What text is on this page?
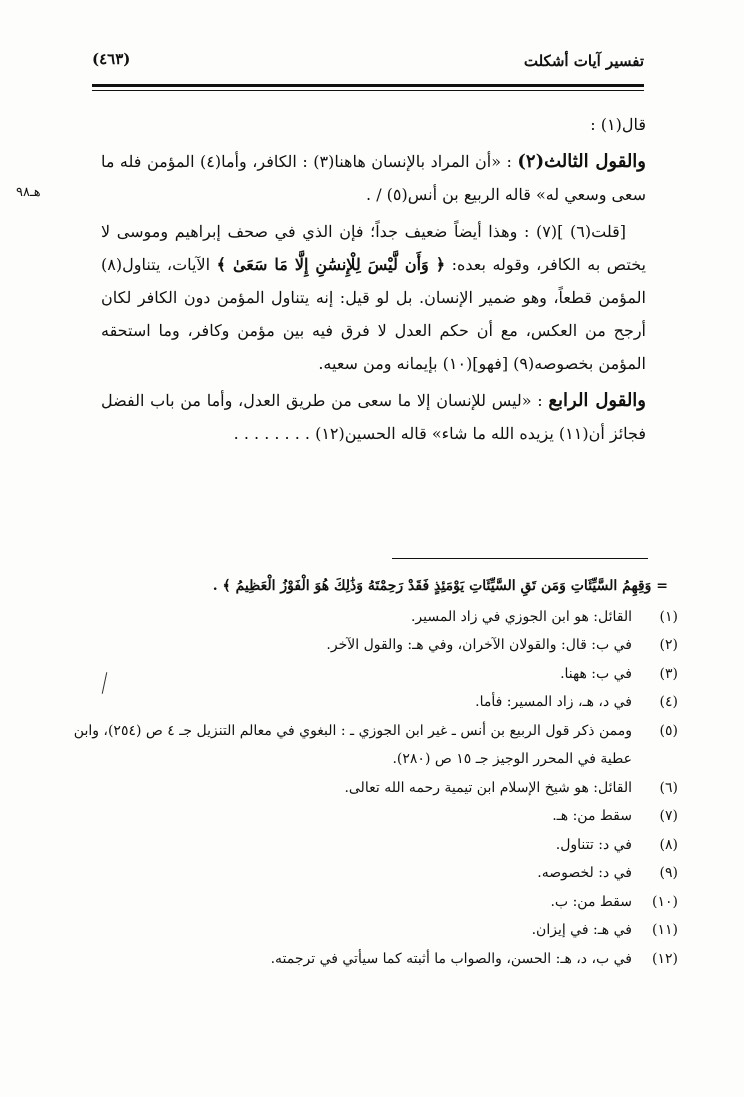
تفسير آيات أشكلت
(٤٦٣)
هـ٩٨

قال(١) :

والقول الثالث(٢) : «أن المراد بالإنسان هاهنا(٣) : الكافر، وأما(٤) المؤمن فله ما سعى وسعي له» قاله الربيع بن أنس(٥) / .

[قلت(٦) ](٧) : وهذا أيضاً ضعيف جداً؛ فإن الذي في صحف إبراهيم وموسى لا يختص به الكافر، وقوله بعده: ﴿ وَأَن لَّيْسَ لِلْإِنسَٰنِ إِلَّا مَا سَعَىٰ ﴾ الآيات، يتناول(٨) المؤمن قطعاً، وهو ضمير الإنسان. بل لو قيل: إنه يتناول المؤمن دون الكافر لكان أرجح من العكس، مع أن حكم العدل لا فرق فيه بين مؤمن وكافر، وما استحقه المؤمن بخصوصه(٩) [فهو](١٠) بإيمانه ومن سعيه.

والقول الرابع : «ليس للإنسان إلا ما سعى من طريق العدل، وأما من باب الفضل فجائز أن(١١) يزيده الله ما شاء» قاله الحسين(١٢) . . . . . . . .

= وَقِهِمُ السَّيِّئَاتِ وَمَن تَقِ السَّيِّئَاتِ يَوْمَئِذٍ فَقَدْ رَحِمْتَهُ وَذَٰلِكَ هُوَ الْفَوْزُ الْعَظِيمُ ﴾ .
(١)
القائل: هو ابن الجوزي في زاد المسير.
(٢)
في ب: قال: والقولان الآخران، وفي هـ: والقول الآخر.
(٣)
في ب: ههنا.
(٤)
في د، هـ، زاد المسير: فأما.
(٥)
وممن ذكر قول الربيع بن أنس ـ غير ابن الجوزي ـ : البغوي في معالم التنزيل جـ ٤ ص (٢٥٤)، وابن عطية في المحرر الوجيز جـ ١٥ ص (٢٨٠).
(٦)
القائل: هو شيخ الإسلام ابن تيمية رحمه الله تعالى.
(٧)
سقط من: هـ.
(٨)
في د: تتناول.
(٩)
في د: لخصوصه.
(١٠)
سقط من: ب.
(١١)
في هـ: في إيزان.
(١٢)
في ب، د، هـ: الحسن، والصواب ما أثبته كما سيأتي في ترجمته.
